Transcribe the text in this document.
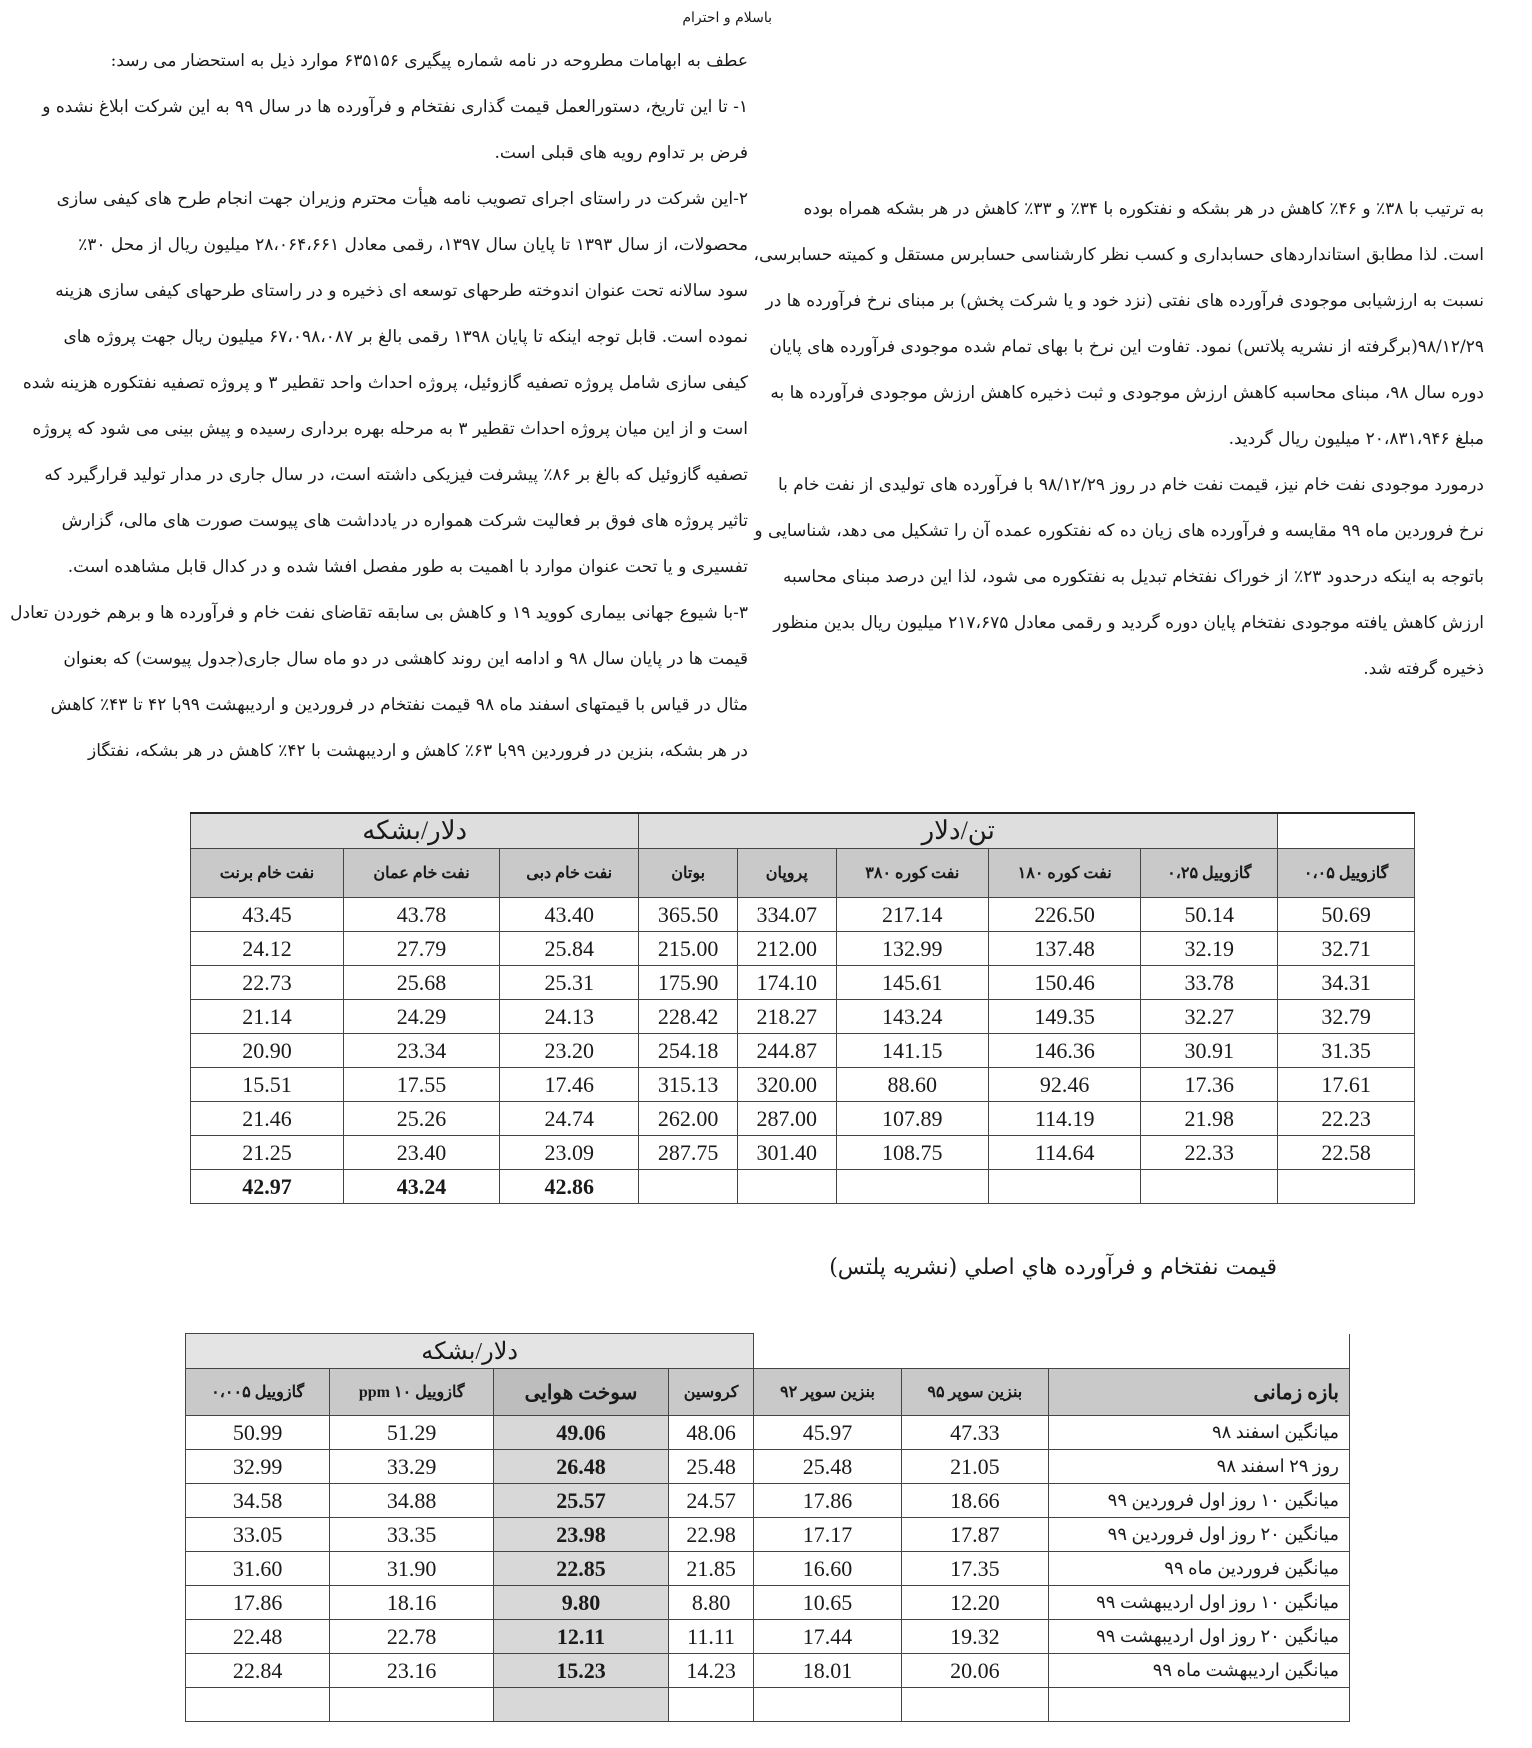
باسلام و احترام
عطف به ابهامات مطروحه در نامه شماره پیگیری ۶۳۵۱۵۶ موارد ذیل به استحضار می رسد:
۱- تا این تاریخ، دستورالعمل قیمت گذاری نفتخام و فرآورده ها در سال ۹۹ به این شرکت ابلاغ نشده و
فرض بر تداوم رویه های قبلی است.
۲-این شرکت در راستای اجرای تصویب نامه هیأت محترم وزیران جهت انجام طرح های کیفی سازی
محصولات، از سال ۱۳۹۳ تا پایان سال ۱۳۹۷، رقمی معادل ۲۸،۰۶۴،۶۶۱ میلیون ریال از محل ۳۰٪
سود سالانه تحت عنوان اندوخته طرحهای توسعه ای ذخیره و در راستای طرحهای کیفی سازی هزینه
نموده است. قابل توجه اینکه تا پایان ۱۳۹۸ رقمی بالغ بر ۶۷،۰۹۸،۰۸۷ میلیون ریال جهت پروژه های
کیفی سازی شامل پروژه تصفیه گازوئیل، پروژه احداث واحد تقطیر ۳ و پروژه تصفیه نفتکوره هزینه شده
است و از این میان پروژه احداث تقطیر ۳ به مرحله بهره برداری رسیده و پیش بینی می شود که پروژه
تصفیه گازوئیل که بالغ بر ۸۶٪ پیشرفت فیزیکی داشته است، در سال جاری در مدار تولید قرارگیرد که
تاثیر پروژه های فوق بر فعالیت شرکت همواره در یادداشت های پیوست صورت های مالی، گزارش
تفسیری و یا تحت عنوان موارد با اهمیت به طور مفصل افشا شده و در کدال قابل مشاهده است.
۳-با شیوع جهانی بیماری کووید ۱۹ و کاهش بی سابقه تقاضای نفت خام و فرآورده ها و برهم خوردن تعادل
قیمت ها در پایان سال ۹۸ و ادامه این روند کاهشی در دو ماه سال جاری(جدول پیوست) که بعنوان
مثال در قیاس با قیمتهای اسفند ماه ۹۸ قیمت نفتخام در فروردین و اردیبهشت ۹۹با ۴۲ تا ۴۳٪ کاهش
در هر بشکه، بنزین در فروردین ۹۹با ۶۳٪ کاهش و اردیبهشت با ۴۲٪ کاهش در هر بشکه، نفتگاز
به ترتیب با ۳۸٪ و ۴۶٪ کاهش در هر بشکه و نفتکوره با ۳۴٪ و ۳۳٪ کاهش در هر بشکه همراه بوده
است. لذا مطابق استانداردهای حسابداری و کسب نظر کارشناسی حسابرس مستقل و کمیته حسابرسی،
نسبت به ارزشیابی موجودی فرآورده های نفتی (نزد خود و یا شرکت پخش) بر مبنای نرخ فرآورده ها در
۹۸/۱۲/۲۹(برگرفته از نشریه پلاتس) نمود. تفاوت این نرخ با بهای تمام شده موجودی فرآورده های پایان
دوره سال ۹۸، مبنای محاسبه کاهش ارزش موجودی و ثبت ذخیره کاهش ارزش موجودی فرآورده ها به
مبلغ ۲۰،۸۳۱،۹۴۶ میلیون ریال گردید.
درمورد موجودی نفت خام نیز، قیمت نفت خام در روز ۹۸/۱۲/۲۹ با فرآورده های تولیدی از نفت خام با
نرخ فروردین ماه ۹۹ مقایسه و فرآورده های زیان ده که نفتکوره عمده آن را تشکیل می دهد، شناسایی و
باتوجه به اینکه درحدود ۲۳٪ از خوراک نفتخام تبدیل به نفتکوره می شود، لذا این درصد مبنای محاسبه
ارزش کاهش یافته موجودی نفتخام پایان دوره گردید و رقمی معادل ۲۱۷،۶۷۵ میلیون ریال بدین منظور
ذخیره گرفته شد.
دلار/بشکه			تن/دلار					
نفت خام برنت	نفت خام عمان	نفت خام دبی	بوتان	پروپان	نفت کوره ۳۸۰	نفت کوره ۱۸۰	گازوییل ۰،۲۵	گازوییل ۰،۰۵
43.45	43.78	43.40	365.50	334.07	217.14	226.50	50.14	50.69
24.12	27.79	25.84	215.00	212.00	132.99	137.48	32.19	32.71
22.73	25.68	25.31	175.90	174.10	145.61	150.46	33.78	34.31
21.14	24.29	24.13	228.42	218.27	143.24	149.35	32.27	32.79
20.90	23.34	23.20	254.18	244.87	141.15	146.36	30.91	31.35
15.51	17.55	17.46	315.13	320.00	88.60	92.46	17.36	17.61
21.46	25.26	24.74	262.00	287.00	107.89	114.19	21.98	22.23
21.25	23.40	23.09	287.75	301.40	108.75	114.64	22.33	22.58
42.97	43.24	42.86						
قیمت نفتخام و فرآورده هاي اصلي (نشریه پلتس)
دلار/بشکه						
گازوییل ۰،۰۰۵	گازوییل ppm ۱۰	سوخت هوایی	کروسین	بنزین سوپر ۹۲	بنزین سوپر ۹۵	بازه زمانی
50.99	51.29	49.06	48.06	45.97	47.33	میانگین اسفند ۹۸
32.99	33.29	26.48	25.48	25.48	21.05	روز ۲۹ اسفند ۹۸
34.58	34.88	25.57	24.57	17.86	18.66	میانگین ۱۰ روز اول فروردین ۹۹
33.05	33.35	23.98	22.98	17.17	17.87	میانگین ۲۰ روز اول فروردین ۹۹
31.60	31.90	22.85	21.85	16.60	17.35	میانگین فروردین ماه ۹۹
17.86	18.16	9.80	8.80	10.65	12.20	میانگین ۱۰ روز اول اردیبهشت ۹۹
22.48	22.78	12.11	11.11	17.44	19.32	میانگین ۲۰ روز اول اردیبهشت ۹۹
22.84	23.16	15.23	14.23	18.01	20.06	میانگین اردیبهشت ماه ۹۹
